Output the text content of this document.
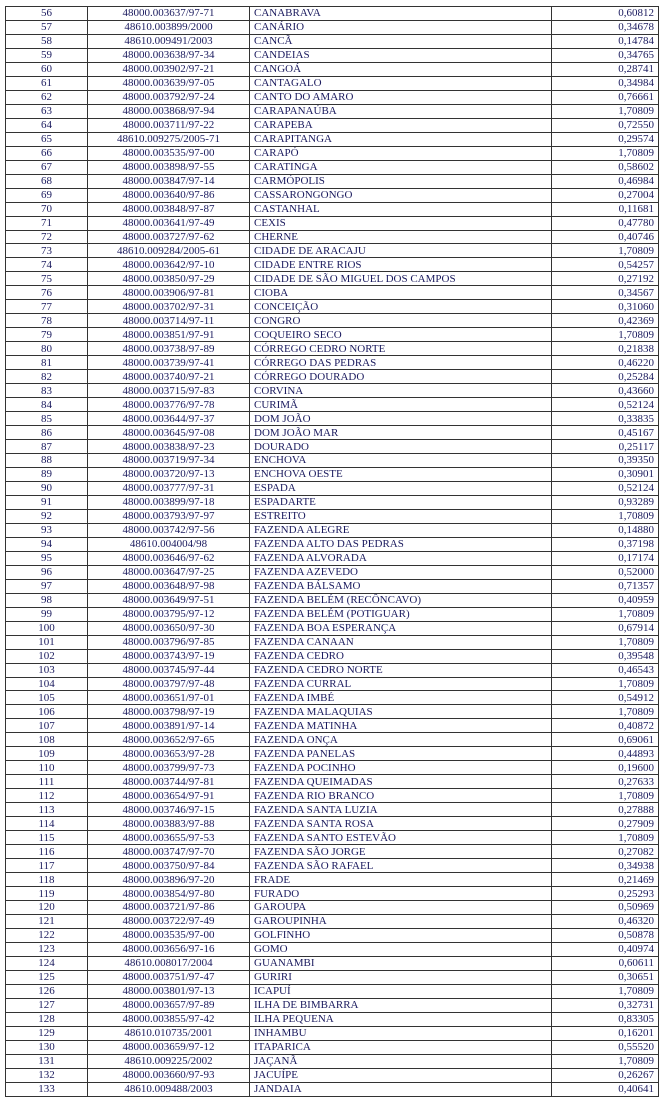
56	48000.003637/97-71	CANABRAVA	0,60812
57	48610.003899/2000	CANÁRIO	0,34678
58	48610.009491/2003	CANCÃ	0,14784
59	48000.003638/97-34	CANDEIAS	0,34765
60	48000.003902/97-21	CANGOÁ	0,28741
61	48000.003639/97-05	CANTAGALO	0,34984
62	48000.003792/97-24	CANTO DO AMARO	0,76661
63	48000.003868/97-94	CARAPANAÚBA	1,70809
64	48000.003711/97-22	CARAPEBA	0,72550
65	48610.009275/2005-71	CARAPITANGA	0,29574
66	48000.003535/97-00	CARAPÓ	1,70809
67	48000.003898/97-55	CARATINGA	0,58602
68	48000.003847/97-14	CARMÓPOLIS	0,46984
69	48000.003640/97-86	CASSARONGONGO	0,27004
70	48000.003848/97-87	CASTANHAL	0,11681
71	48000.003641/97-49	CEXIS	0,47780
72	48000.003727/97-62	CHERNE	0,40746
73	48610.009284/2005-61	CIDADE DE ARACAJU	1,70809
74	48000.003642/97-10	CIDADE ENTRE RIOS	0,54257
75	48000.003850/97-29	CIDADE DE SÃO MIGUEL DOS CAMPOS	0,27192
76	48000.003906/97-81	CIOBA	0,34567
77	48000.003702/97-31	CONCEIÇÃO	0,31060
78	48000.003714/97-11	CONGRO	0,42369
79	48000.003851/97-91	COQUEIRO SECO	1,70809
80	48000.003738/97-89	CÓRREGO CEDRO NORTE	0,21838
81	48000.003739/97-41	CÓRREGO DAS PEDRAS	0,46220
82	48000.003740/97-21	CÓRREGO DOURADO	0,25284
83	48000.003715/97-83	CORVINA	0,43660
84	48000.003776/97-78	CURIMÃ	0,52124
85	48000.003644/97-37	DOM JOÃO	0,33835
86	48000.003645/97-08	DOM JOÃO MAR	0,45167
87	48000.003838/97-23	DOURADO	0,25117
88	48000.003719/97-34	ENCHOVA	0,39350
89	48000.003720/97-13	ENCHOVA OESTE	0,30901
90	48000.003777/97-31	ESPADA	0,52124
91	48000.003899/97-18	ESPADARTE	0,93289
92	48000.003793/97-97	ESTREITO	1,70809
93	48000.003742/97-56	FAZENDA ALEGRE	0,14880
94	48610.004004/98	FAZENDA ALTO DAS PEDRAS	0,37198
95	48000.003646/97-62	FAZENDA ALVORADA	0,17174
96	48000.003647/97-25	FAZENDA AZEVEDO	0,52000
97	48000.003648/97-98	FAZENDA BÁLSAMO	0,71357
98	48000.003649/97-51	FAZENDA BELÉM (RECÔNCAVO)	0,40959
99	48000.003795/97-12	FAZENDA BELÉM (POTIGUAR)	1,70809
100	48000.003650/97-30	FAZENDA BOA ESPERANÇA	0,67914
101	48000.003796/97-85	FAZENDA CANAAN	1,70809
102	48000.003743/97-19	FAZENDA CEDRO	0,39548
103	48000.003745/97-44	FAZENDA CEDRO NORTE	0,46543
104	48000.003797/97-48	FAZENDA CURRAL	1,70809
105	48000.003651/97-01	FAZENDA IMBÉ	0,54912
106	48000.003798/97-19	FAZENDA MALAQUIAS	1,70809
107	48000.003891/97-14	FAZENDA MATINHA	0,40872
108	48000.003652/97-65	FAZENDA ONÇA	0,69061
109	48000.003653/97-28	FAZENDA PANELAS	0,44893
110	48000.003799/97-73	FAZENDA POCINHO	0,19600
111	48000.003744/97-81	FAZENDA QUEIMADAS	0,27633
112	48000.003654/97-91	FAZENDA RIO BRANCO	1,70809
113	48000.003746/97-15	FAZENDA SANTA LUZIA	0,27888
114	48000.003883/97-88	FAZENDA SANTA ROSA	0,27909
115	48000.003655/97-53	FAZENDA SANTO ESTEVÃO	1,70809
116	48000.003747/97-70	FAZENDA SÃO JORGE	0,27082
117	48000.003750/97-84	FAZENDA SÃO RAFAEL	0,34938
118	48000.003896/97-20	FRADE	0,21469
119	48000.003854/97-80	FURADO	0,25293
120	48000.003721/97-86	GAROUPA	0,50969
121	48000.003722/97-49	GAROUPINHA	0,46320
122	48000.003535/97-00	GOLFINHO	0,50878
123	48000.003656/97-16	GOMO	0,40974
124	48610.008017/2004	GUANAMBI	0,60611
125	48000.003751/97-47	GURIRI	0,30651
126	48000.003801/97-13	ICAPUÍ	1,70809
127	48000.003657/97-89	ILHA DE BIMBARRA	0,32731
128	48000.003855/97-42	ILHA PEQUENA	0,83305
129	48610.010735/2001	INHAMBU	0,16201
130	48000.003659/97-12	ITAPARICA	0,55520
131	48610.009225/2002	JAÇANÃ	1,70809
132	48000.003660/97-93	JACUÍPE	0,26267
133	48610.009488/2003	JANDAIA	0,40641
